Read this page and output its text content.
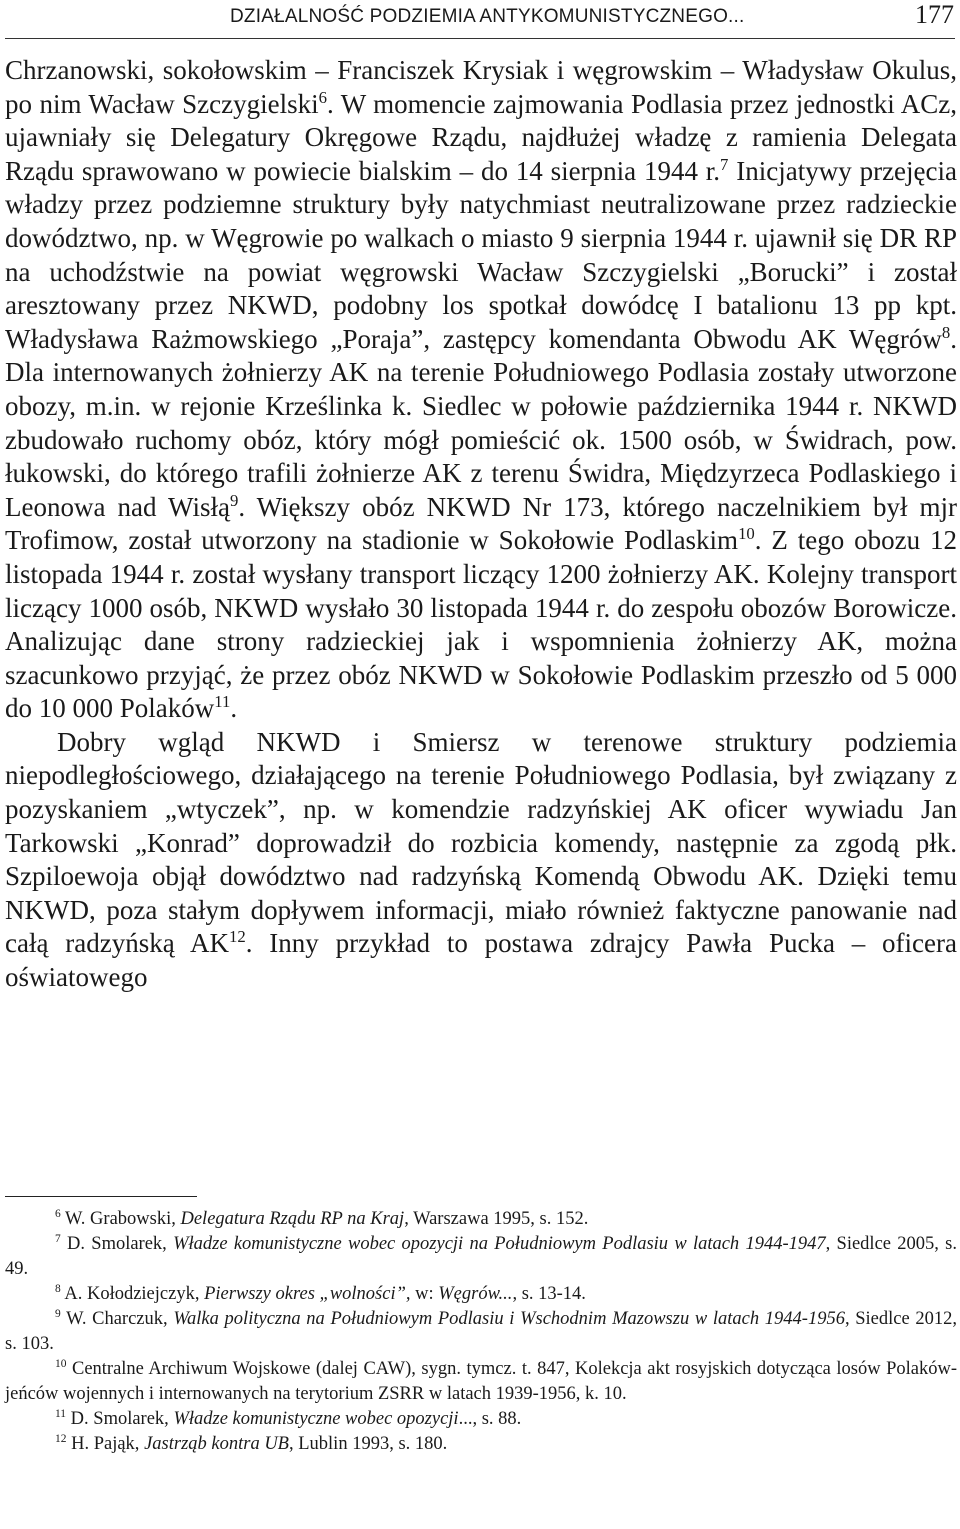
DZIAŁALNOŚĆ PODZIEMIA ANTYKOMUNISTYCZNEGO...	177

Chrzanowski, sokołowskim – Franciszek Krysiak i węgrowskim – Władysław Okulus, po nim Wacław Szczygielski$^6$. W momencie zajmowania Podlasia przez jednostki ACz, ujawniały się Delegatury Okręgowe Rządu, najdłużej władzę z ramienia Delegata Rządu sprawowano w powiecie bialskim – do 14 sierpnia 1944 r.$^7$ Inicjatywy przejęcia władzy przez podziemne struktury były natychmiast neutralizowane przez radzieckie dowództwo, np. w Węgrowie po walkach o miasto 9 sierpnia 1944 r. ujawnił się DR RP na uchodźstwie na powiat węgrowski Wacław Szczygielski „Borucki” i został aresztowany przez NKWD, podobny los spotkał dowódcę I batalionu 13 pp kpt. Władysława Rażmowskiego „Poraja”, zastępcy komendanta Obwodu AK Węgrów$^8$. Dla internowanych żołnierzy AK na terenie Południowego Podlasia zostały utworzone obozy, m.in. w rejonie Krześlinka k. Siedlec w połowie października 1944 r. NKWD zbudowało ruchomy obóz, który mógł pomieścić ok. 1500 osób, w Świdrach, pow. łukowski, do którego trafili żołnierze AK z terenu Świdra, Międzyrzeca Podlaskiego i Leonowa nad Wisłą$^9$. Większy obóz NKWD Nr 173, którego naczelnikiem był mjr Trofimow, został utworzony na stadionie w Sokołowie Podlaskim$^{10}$. Z tego obozu 12 listopada 1944 r. został wysłany transport liczący 1200 żołnierzy AK. Kolejny transport liczący 1000 osób, NKWD wysłało 30 listopada 1944 r. do zespołu obozów Borowicze. Analizując dane strony radzieckiej jak i wspomnienia żołnierzy AK, można szacunkowo przyjąć, że przez obóz NKWD w Sokołowie Podlaskim przeszło od 5 000 do 10 000 Polaków$^{11}$.

Dobry wgląd NKWD i Smiersz w terenowe struktury podziemia niepodległościowego, działającego na terenie Południowego Podlasia, był związany z pozyskaniem „wtyczek”, np. w komendzie radzyńskiej AK oficer wywiadu Jan Tarkowski „Konrad” doprowadził do rozbicia komendy, następnie za zgodą płk. Szpiloewoja objął dowództwo nad radzyńską Komendą Obwodu AK. Dzięki temu NKWD, poza stałym dopływem informacji, miało również faktyczne panowanie nad całą radzyńską AK$^{12}$. Inny przykład to postawa zdrajcy Pawła Pucka – oficera oświatowego

$^6$ W. Grabowski, Delegatura Rządu RP na Kraj, Warszawa 1995, s. 152.

$^7$ D. Smolarek, Władze komunistyczne wobec opozycji na Południowym Podlasiu w latach 1944-1947, Siedlce 2005, s. 49.

$^8$ A. Kołodziejczyk, Pierwszy okres „wolności”, w: Węgrów..., s. 13-14.

$^9$ W. Charczuk, Walka polityczna na Południowym Podlasiu i Wschodnim Mazowszu w latach 1944-1956, Siedlce 2012, s. 103.

$^{10}$ Centralne Archiwum Wojskowe (dalej CAW), sygn. tymcz. t. 847, Kolekcja akt rosyjskich dotycząca losów Polaków-jeńców wojennych i internowanych na terytorium ZSRR w latach 1939-1956, k. 10.

$^{11}$ D. Smolarek, Władze komunistyczne wobec opozycji..., s. 88.

$^{12}$ H. Pająk, Jastrząb kontra UB, Lublin 1993, s. 180.
